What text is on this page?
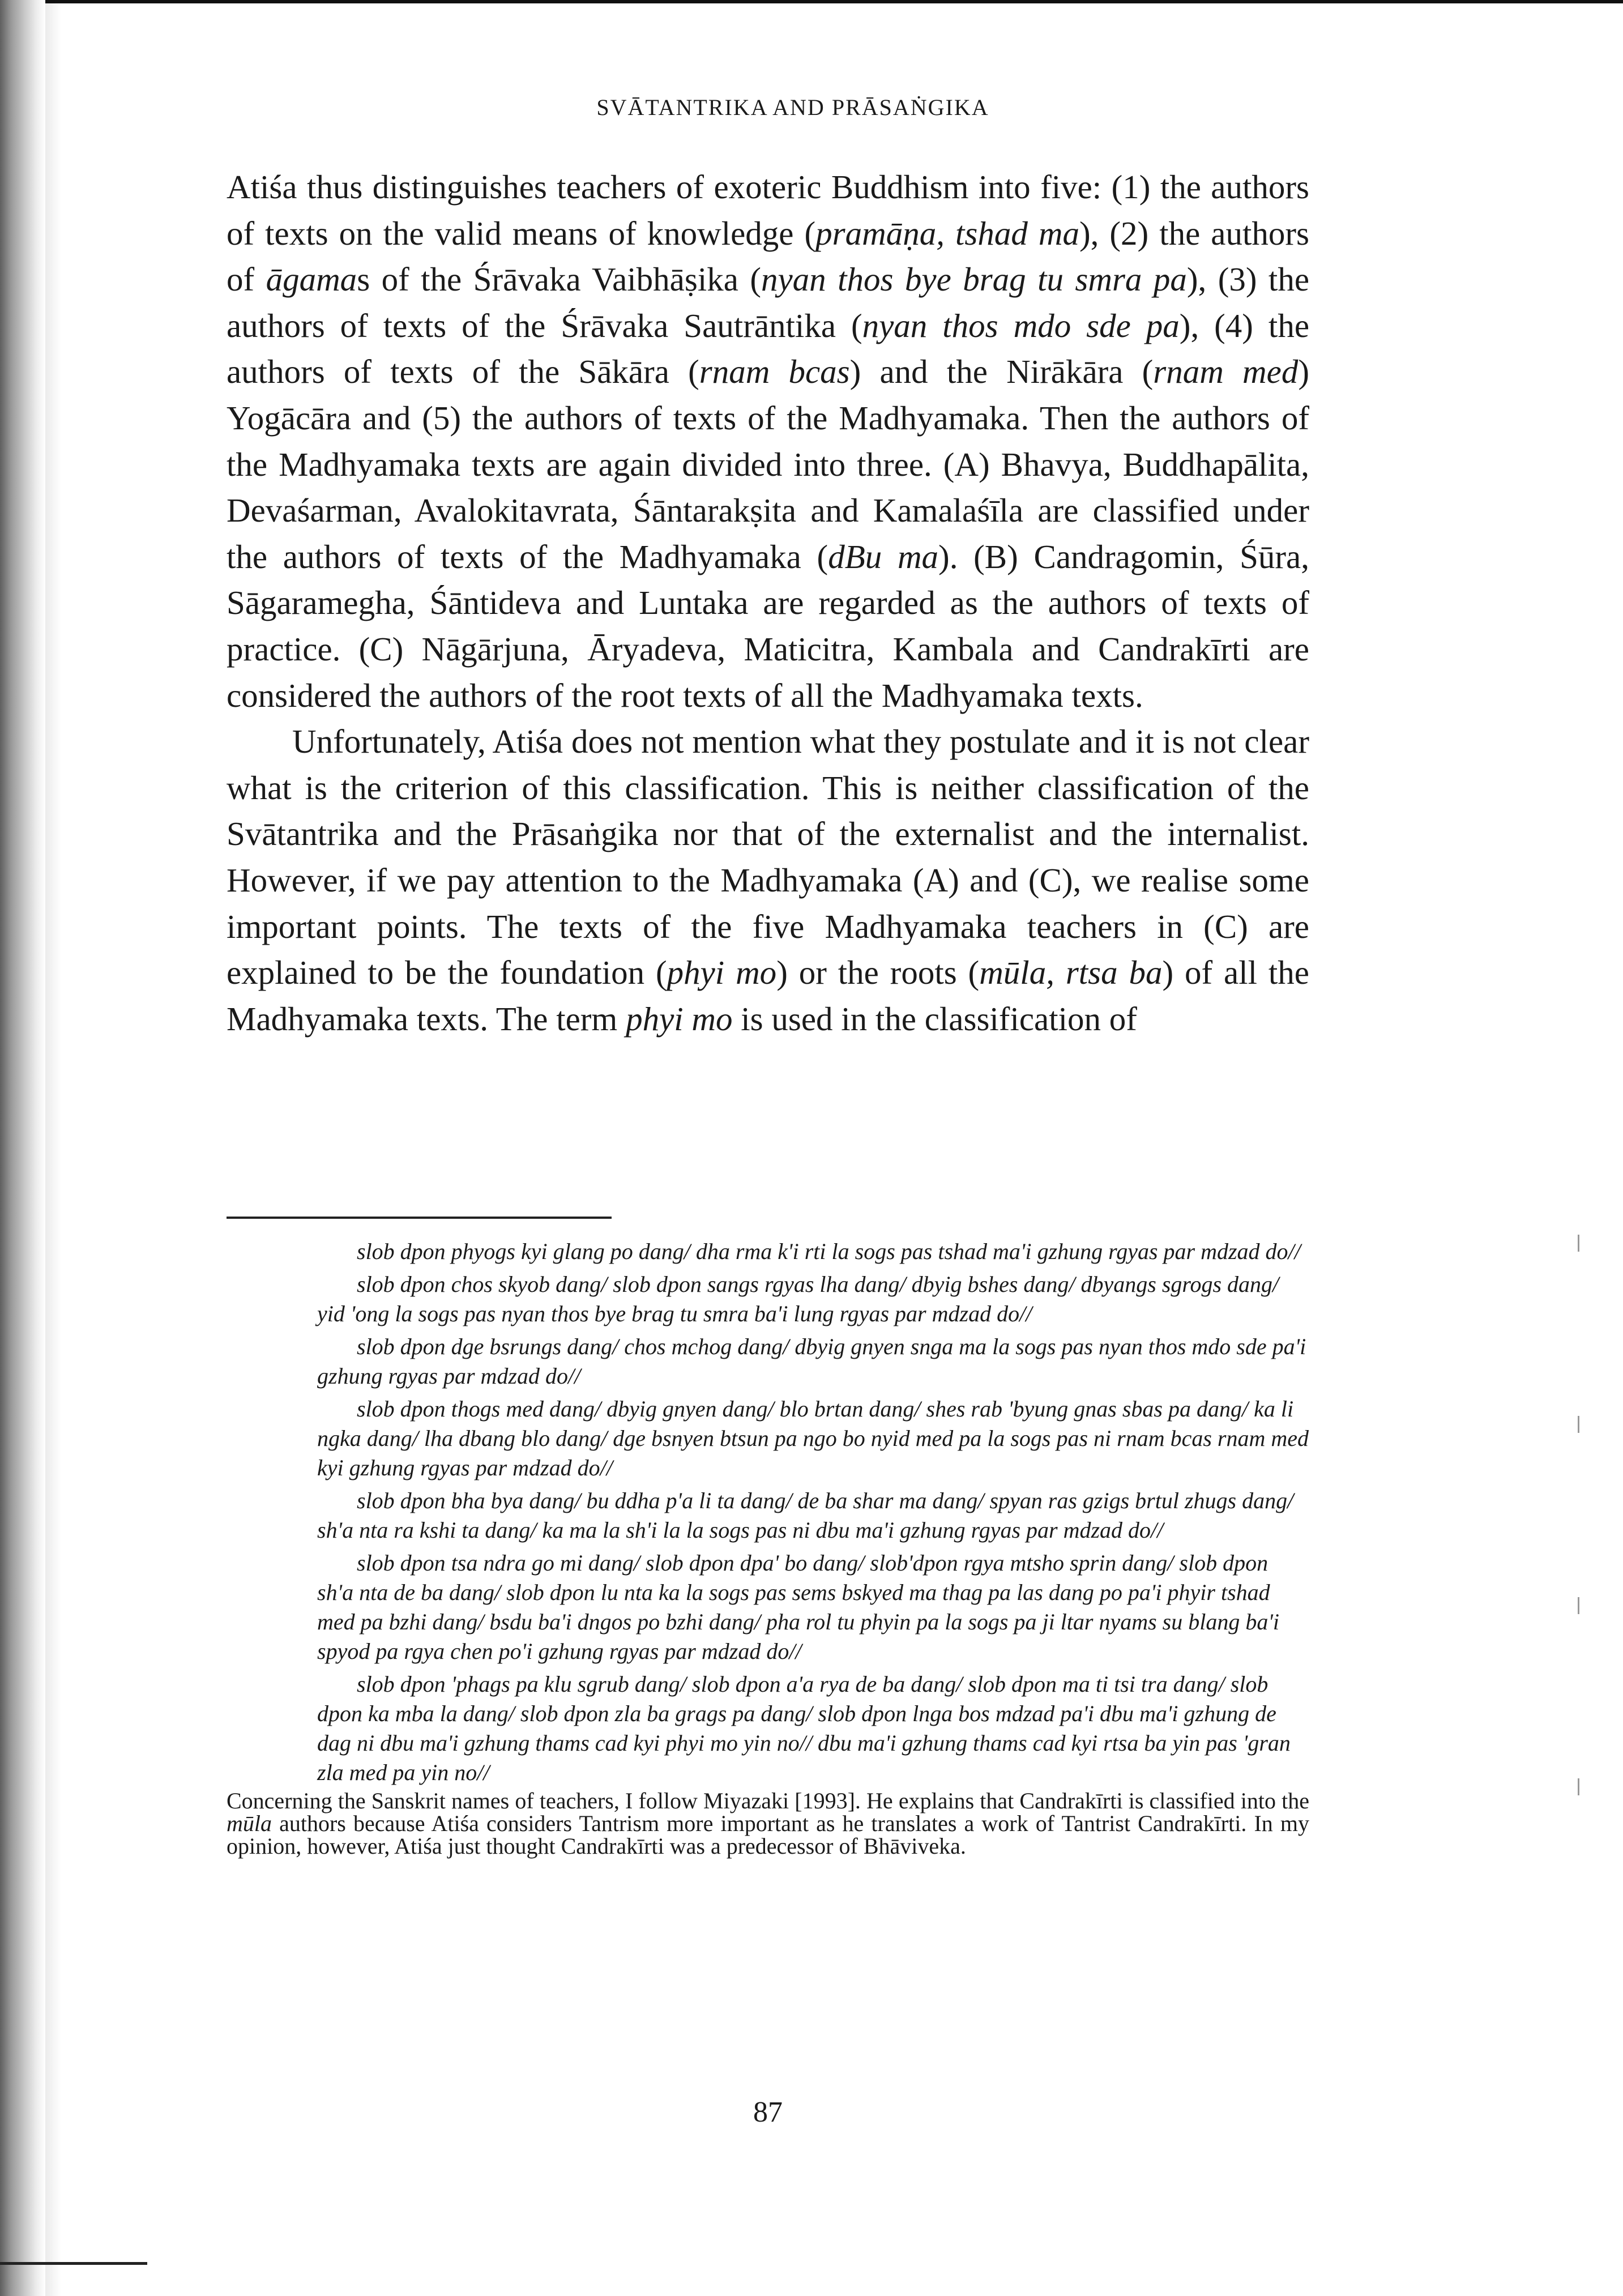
SVĀTANTRIKA AND PRĀSAṄGIKA

Atiśa thus distinguishes teachers of exoteric Buddhism into five: (1) the authors of texts on the valid means of knowledge (pramāṇa, tshad ma), (2) the authors of āgamas of the Śrāvaka Vaibhāṣika (nyan thos bye brag tu smra pa), (3) the authors of texts of the Śrāvaka Sautrāntika (nyan thos mdo sde pa), (4) the authors of texts of the Sākāra (rnam bcas) and the Nirākāra (rnam med) Yogācāra and (5) the authors of texts of the Madhyamaka. Then the authors of the Madhyamaka texts are again divided into three. (A) Bhavya, Buddhapālita, Devaśarman, Avalokitavrata, Śāntarakṣita and Kamalaśīla are classified under the authors of texts of the Madhyamaka (dBu ma). (B) Candragomin, Śūra, Sāgaramegha, Śāntideva and Luntaka are regarded as the authors of texts of practice. (C) Nāgārjuna, Āryadeva, Maticitra, Kambala and Candrakīrti are considered the authors of the root texts of all the Madhyamaka texts.

Unfortunately, Atiśa does not mention what they postulate and it is not clear what is the criterion of this classification. This is neither classification of the Svātantrika and the Prāsaṅgika nor that of the externalist and the internalist. However, if we pay attention to the Madhyamaka (A) and (C), we realise some important points. The texts of the five Madhyamaka teachers in (C) are explained to be the foundation (phyi mo) or the roots (mūla, rtsa ba) of all the Madhyamaka texts. The term phyi mo is used in the classification of

slob dpon phyogs kyi glang po dang/ dha rma k'i rti la sogs pas tshad ma'i gzhung rgyas par mdzad do//

slob dpon chos skyob dang/ slob dpon sangs rgyas lha dang/ dbyig bshes dang/ dbyangs sgrogs dang/ yid 'ong la sogs pas nyan thos bye brag tu smra ba'i lung rgyas par mdzad do//

slob dpon dge bsrungs dang/ chos mchog dang/ dbyig gnyen snga ma la sogs pas nyan thos mdo sde pa'i gzhung rgyas par mdzad do//

slob dpon thogs med dang/ dbyig gnyen dang/ blo brtan dang/ shes rab 'byung gnas sbas pa dang/ ka li ngka dang/ lha dbang blo dang/ dge bsnyen btsun pa ngo bo nyid med pa la sogs pas ni rnam bcas rnam med kyi gzhung rgyas par mdzad do//

slob dpon bha bya dang/ bu ddha p'a li ta dang/ de ba shar ma dang/ spyan ras gzigs brtul zhugs dang/ sh'a nta ra kshi ta dang/ ka ma la sh'i la la sogs pas ni dbu ma'i gzhung rgyas par mdzad do//

slob dpon tsa ndra go mi dang/ slob dpon dpa' bo dang/ slob'dpon rgya mtsho sprin dang/ slob dpon sh'a nta de ba dang/ slob dpon lu nta ka la sogs pas sems bskyed ma thag pa las dang po pa'i phyir tshad med pa bzhi dang/ bsdu ba'i dngos po bzhi dang/ pha rol tu phyin pa la sogs pa ji ltar nyams su blang ba'i spyod pa rgya chen po'i gzhung rgyas par mdzad do//

slob dpon 'phags pa klu sgrub dang/ slob dpon a'a rya de ba dang/ slob dpon ma ti tsi tra dang/ slob dpon ka mba la dang/ slob dpon zla ba grags pa dang/ slob dpon lnga bos mdzad pa'i dbu ma'i gzhung de dag ni dbu ma'i gzhung thams cad kyi phyi mo yin no// dbu ma'i gzhung thams cad kyi rtsa ba yin pas 'gran zla med pa yin no//

Concerning the Sanskrit names of teachers, I follow Miyazaki [1993]. He explains that Candrakīrti is classified into the mūla authors because Atiśa considers Tantrism more important as he translates a work of Tantrist Candrakīrti. In my opinion, however, Atiśa just thought Candrakīrti was a predecessor of Bhāviveka.

87
